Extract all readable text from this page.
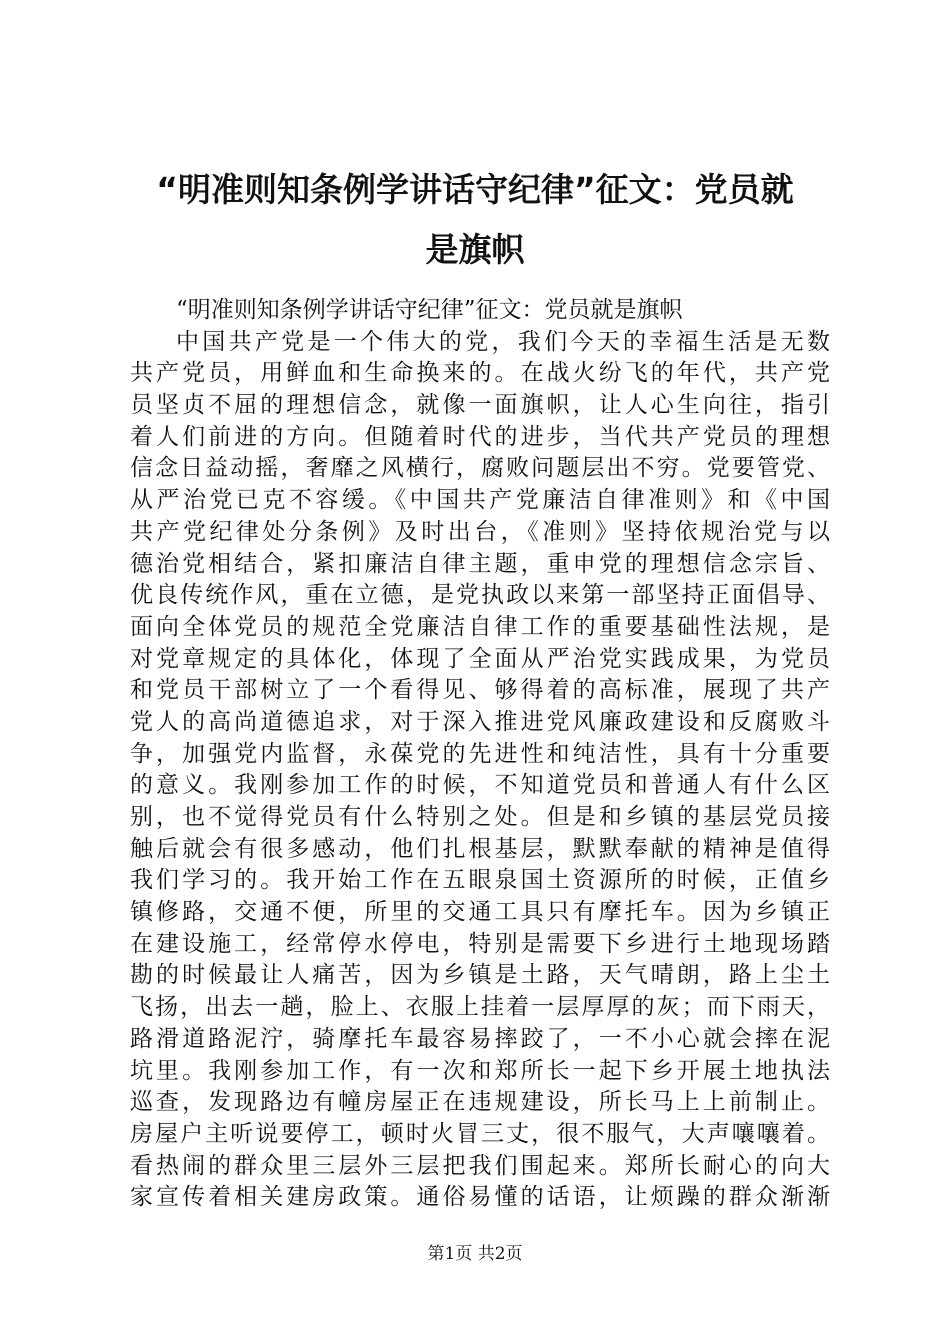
“明准则知条例学讲话守纪律”征文：党员就
是旗帜
“明准则知条例学讲话守纪律”征文：党员就是旗帜
中国共产党是一个伟大的党，我们今天的幸福生活是无数
共产党员，用鲜血和生命换来的。在战火纷飞的年代，共产党
员坚贞不屈的理想信念，就像一面旗帜，让人心生向往，指引
着人们前进的方向。但随着时代的进步，当代共产党员的理想
信念日益动摇，奢靡之风横行，腐败问题层出不穷。党要管党、
从严治党已克不容缓。《中国共产党廉洁自律准则》和《中国
共产党纪律处分条例》及时出台，《准则》坚持依规治党与以
德治党相结合，紧扣廉洁自律主题，重申党的理想信念宗旨、
优良传统作风，重在立德，是党执政以来第一部坚持正面倡导、
面向全体党员的规范全党廉洁自律工作的重要基础性法规，是
对党章规定的具体化，体现了全面从严治党实践成果，为党员
和党员干部树立了一个看得见、够得着的高标准，展现了共产
党人的高尚道德追求，对于深入推进党风廉政建设和反腐败斗
争，加强党内监督，永葆党的先进性和纯洁性，具有十分重要
的意义。我刚参加工作的时候，不知道党员和普通人有什么区
别，也不觉得党员有什么特别之处。但是和乡镇的基层党员接
触后就会有很多感动，他们扎根基层，默默奉献的精神是值得
我们学习的。我开始工作在五眼泉国土资源所的时候，正值乡
镇修路，交通不便，所里的交通工具只有摩托车。因为乡镇正
在建设施工，经常停水停电，特别是需要下乡进行土地现场踏
勘的时候最让人痛苦，因为乡镇是土路，天气晴朗，路上尘土
飞扬，出去一趟，脸上、衣服上挂着一层厚厚的灰；而下雨天，
路滑道路泥泞，骑摩托车最容易摔跤了，一不小心就会摔在泥
坑里。我刚参加工作，有一次和郑所长一起下乡开展土地执法
巡查，发现路边有幢房屋正在违规建设，所长马上上前制止。
房屋户主听说要停工，顿时火冒三丈，很不服气，大声嚷嚷着。
看热闹的群众里三层外三层把我们围起来。郑所长耐心的向大
家宣传着相关建房政策。通俗易懂的话语，让烦躁的群众渐渐
第1页 共2页
